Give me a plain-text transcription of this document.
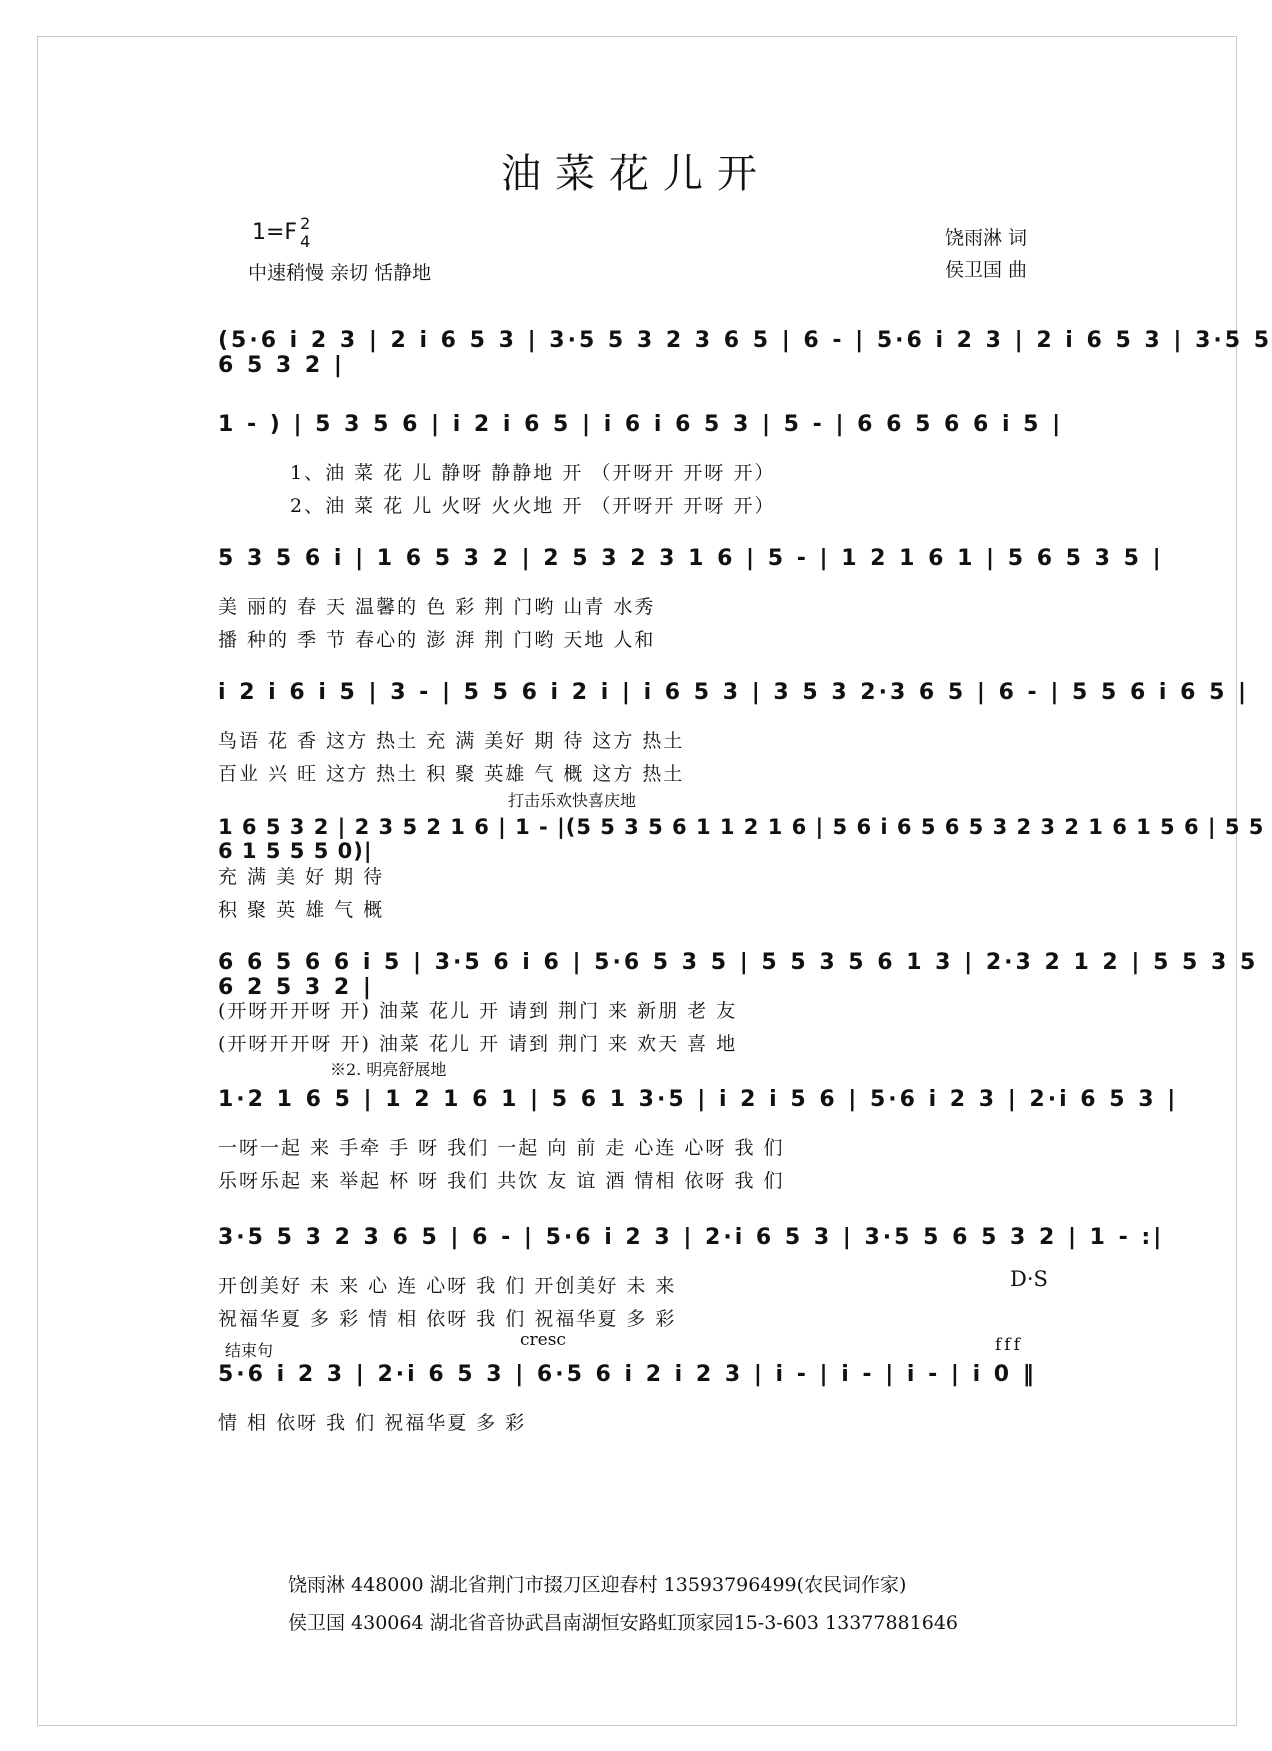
油菜花儿开
1=F 2
4
中速稍慢 亲切 恬静地
饶雨淋 词
侯卫国 曲
(5·6 i 2 3 | 2 i 6 5 3 | 3·5 5 3 2 3 6 5 | 6 - | 5·6 i 2 3 | 2 i 6 5 3 | 3·5 5 6 5 3 2 |
1 - ) | 5 3 5 6 | i 2 i 6 5 | i 6 i 6 5 3 | 5 - | 6 6 5 6 6 i 5 |
1、油 菜 花 儿 静呀 静静地 开 （开呀开 开呀 开）
2、油 菜 花 儿 火呀 火火地 开 （开呀开 开呀 开）
5 3 5 6 i | 1 6 5 3 2 | 2 5 3 2 3 1 6 | 5 - | 1 2 1 6 1 | 5 6 5 3 5 |
美 丽的 春 天 温馨的 色 彩 荆 门哟 山青 水秀
播 种的 季 节 春心的 澎 湃 荆 门哟 天地 人和
i 2 i 6 i 5 | 3 - | 5 5 6 i 2 i | i 6 5 3 | 3 5 3 2·3 6 5 | 6 - | 5 5 6 i 6 5 |
鸟语 花 香 这方 热土 充 满 美好 期 待 这方 热土
百业 兴 旺 这方 热土 积 聚 英雄 气 概 这方 热土
打击乐欢快喜庆地
1 6 5 3 2 | 2 3 5 2 1 6 | 1 - |(5 5 3 5 6 1 1 2 1 6 | 5 6 i 6 5 6 5 3 2 3 2 1 6 1 5 6 | 5 5 6 1 5 5 5 0)|
充 满 美 好 期 待
积 聚 英 雄 气 概
6 6 5 6 6 i 5 | 3·5 6 i 6 | 5·6 5 3 5 | 5 5 3 5 6 1 3 | 2·3 2 1 2 | 5 5 3 5 6 2 5 3 2 |
(开呀开开呀 开) 油菜 花儿 开 请到 荆门 来 新朋 老 友
(开呀开开呀 开) 油菜 花儿 开 请到 荆门 来 欢天 喜 地
※2. 明亮舒展地
1·2 1 6 5 | 1 2 1 6 1 | 5 6 1 3·5 | i 2 i 5 6 | 5·6 i 2 3 | 2·i 6 5 3 |
一呀一起 来 手牵 手 呀 我们 一起 向 前 走 心连 心呀 我 们
乐呀乐起 来 举起 杯 呀 我们 共饮 友 谊 酒 情相 依呀 我 们
3·5 5 3 2 3 6 5 | 6 - | 5·6 i 2 3 | 2·i 6 5 3 | 3·5 5 6 5 3 2 | 1 - :|
开创美好 未 来 心 连 心呀 我 们 开创美好 未 来
祝福华夏 多 彩 情 相 依呀 我 们 祝福华夏 多 彩
D·S
结束句
cresc	fff
5·6 i 2 3 | 2·i 6 5 3 | 6·5 6 i 2 i 2 3 | i - | i - | i - | i 0 ‖
情 相 依呀 我 们 祝福华夏 多 彩
饶雨淋 448000 湖北省荆门市掇刀区迎春村 13593796499(农民词作家)
侯卫国 430064 湖北省音协武昌南湖恒安路虹顶家园15-3-603 13377881646
